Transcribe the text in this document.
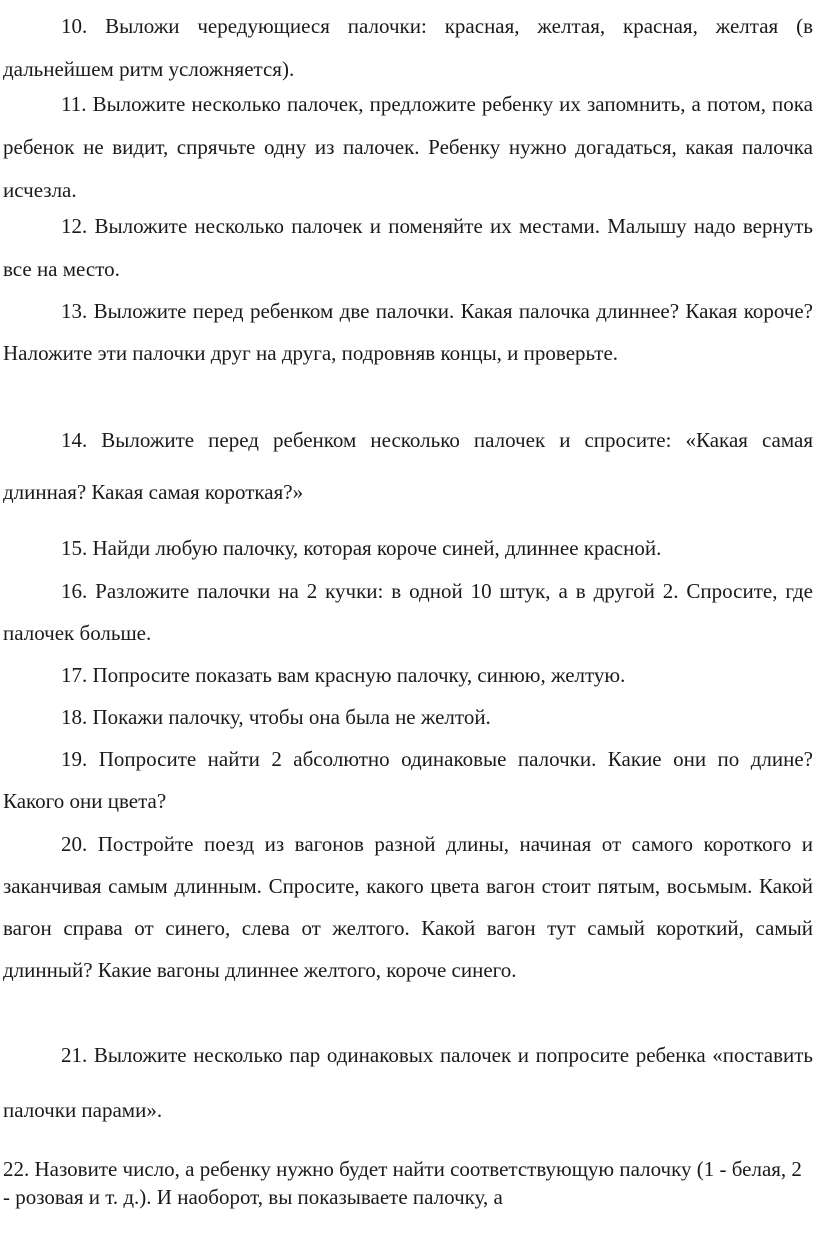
10. Выложи чередующиеся палочки: красная, желтая, красная, желтая (в дальнейшем ритм усложняется).

11. Выложите несколько палочек, предложите ребенку их запомнить, а потом, пока ребенок не видит, спрячьте одну из палочек. Ребенку нужно догадаться, какая палочка исчезла.

12. Выложите несколько палочек и поменяйте их местами. Малышу надо вернуть все на место.

13. Выложите перед ребенком две палочки. Какая палочка длиннее? Какая короче? Наложите эти палочки друг на друга, подровняв концы, и проверьте.

14. Выложите перед ребенком несколько палочек и спросите: «Какая самая длинная? Какая самая короткая?»

15. Найди любую палочку, которая короче синей, длиннее красной.

16. Разложите палочки на 2 кучки: в одной 10 штук, а в другой 2. Спросите, где палочек больше.

17. Попросите показать вам красную палочку, синюю, желтую.

18. Покажи палочку, чтобы она была не желтой.

19. Попросите найти 2 абсолютно одинаковые палочки. Какие они по длине? Какого они цвета?

20. Постройте поезд из вагонов разной длины, начиная от самого короткого и заканчивая самым длинным. Спросите, какого цвета вагон стоит пятым, восьмым. Какой вагон справа от синего, слева от желтого. Какой вагон тут самый короткий, самый длинный? Какие вагоны длиннее желтого, короче синего.

21. Выложите несколько пар одинаковых палочек и попросите ребенка «поставить палочки парами».

22. Назовите число, а ребенку нужно будет найти соответствующую палочку (1 - белая, 2 - розовая и т. д.). И наоборот, вы показываете палочку, а
